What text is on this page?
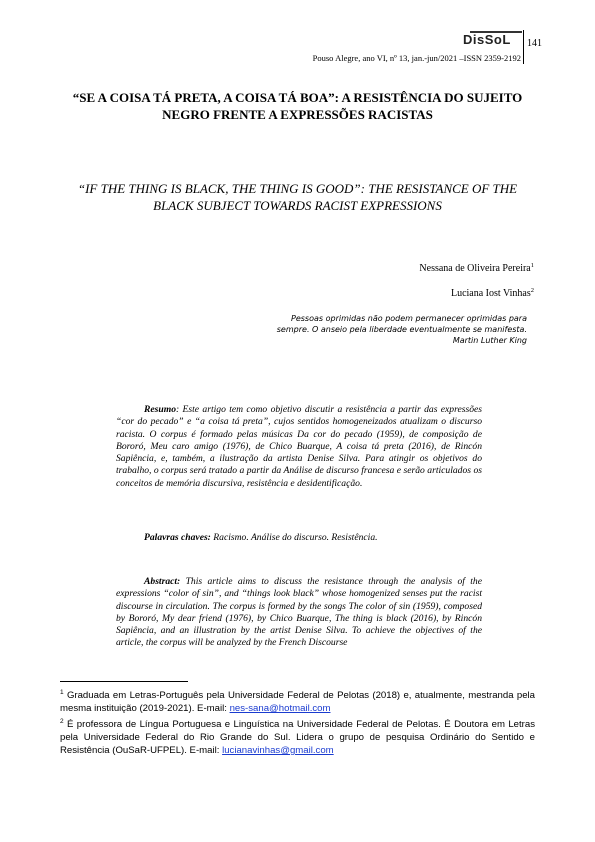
DisSoL 141
Pouso Alegre, ano VI, nº 13, jan.-jun/2021 –ISSN 2359-2192
“SE A COISA TÁ PRETA, A COISA TÁ BOA”: A RESISTÊNCIA DO SUJEITO NEGRO FRENTE A EXPRESSÕES RACISTAS
“IF THE THING IS BLACK, THE THING IS GOOD”: THE RESISTANCE OF THE BLACK SUBJECT TOWARDS RACIST EXPRESSIONS
Nessana de Oliveira Pereira$^1$
Luciana Iost Vinhas$^2$
Pessoas oprimidas não podem permanecer oprimidas para sempre. O anseio pela liberdade eventualmente se manifesta.
Martin Luther King
Resumo: Este artigo tem como objetivo discutir a resistência a partir das expressões “cor do pecado” e “a coisa tá preta”, cujos sentidos homogeneizados atualizam o discurso racista. O corpus é formado pelas músicas Da cor do pecado (1959), de composição de Bororó, Meu caro amigo (1976), de Chico Buarque, A coisa tá preta (2016), de Rincón Sapiência, e, também, a ilustração da artista Denise Silva. Para atingir os objetivos do trabalho, o corpus será tratado a partir da Análise de discurso francesa e serão articulados os conceitos de memória discursiva, resistência e desidentificação.
Palavras chaves: Racismo. Análise do discurso. Resistência.
Abstract: This article aims to discuss the resistance through the analysis of the expressions “color of sin”, and “things look black” whose homogenized senses put the racist discourse in circulation. The corpus is formed by the songs The color of sin (1959), composed by Bororó, My dear friend (1976), by Chico Buarque, The thing is black (2016), by Rincón Sapiência, and an illustration by the artist Denise Silva. To achieve the objectives of the article, the corpus will be analyzed by the French Discourse

$^1$ Graduada em Letras-Português pela Universidade Federal de Pelotas (2018) e, atualmente, mestranda pela mesma instituição (2019-2021). E-mail: nes-sana@hotmail.com

$^2$ É professora de Língua Portuguesa e Linguística na Universidade Federal de Pelotas. É Doutora em Letras pela Universidade Federal do Rio Grande do Sul. Lidera o grupo de pesquisa Ordinário do Sentido e Resistência (OuSaR-UFPEL). E-mail: lucianavinhas@gmail.com
